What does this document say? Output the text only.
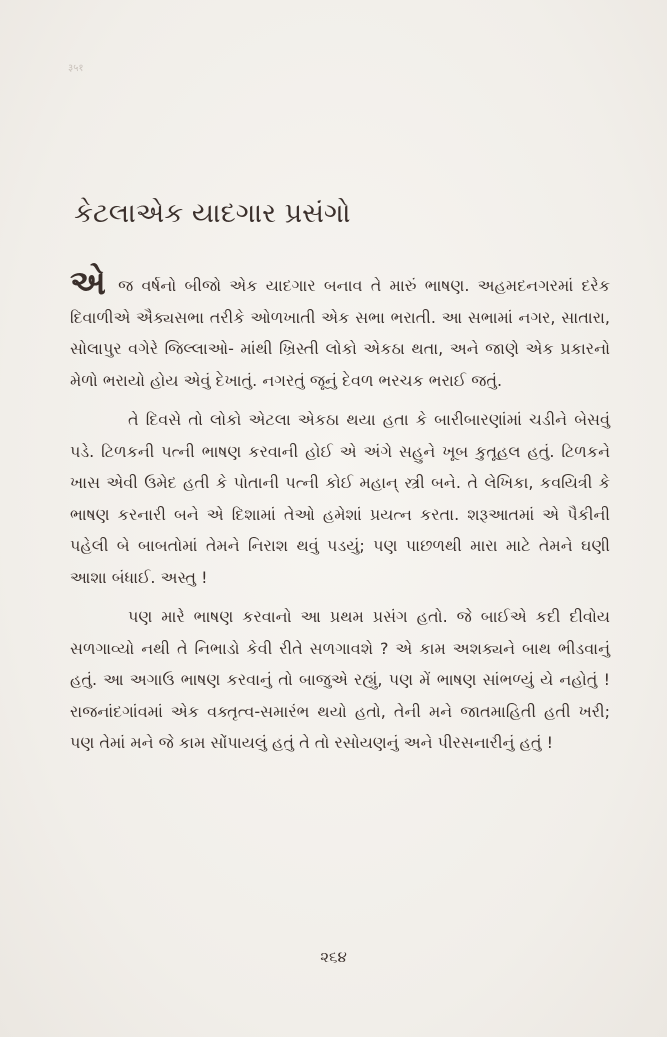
३५१
કેટલાએક યાદગાર પ્રસંગો

એ જ વર્ષનો બીજો એક યાદગાર બનાવ તે મારું ભાષણ. અહમદનગરમાં દરેક દિવાળીએ ઐક્યસભા તરીકે ઓળખાતી એક સભા ભરાતી. આ સભામાં નગર, સાતારા, સોલાપુર વગેરે જિલ્લાઓ- માંથી ખ્રિસ્તી લોકો એકઠા થતા, અને જાણે એક પ્રકારનો મેળો ભરાયો હોય એવું દેખાતું. નગરતું જૂનું દેવળ ભરચક ભરાઈ જતું.

તે દિવસે તો લોકો એટલા એકઠા થયા હતા કે બારીબારણાંમાં ચડીને બેસવું પડે. ટિળકની પત્ની ભાષણ કરવાની હોઈ એ અંગે સહુને ખૂબ કુતૂહલ હતું. ટિળકને ખાસ એવી ઉમેદ હતી કે પોતાની પત્ની કોઈ મહાન્ સ્ત્રી બને. તે લેખિકા, કવયિત્રી કે ભાષણ કરનારી બને એ દિશામાં તેઓ હમેશાં પ્રયત્ન કરતા. શરૂઆતમાં એ પૈકીની પહેલી બે બાબતોમાં તેમને નિરાશ થવું પડયું; પણ પાછળથી મારા માટે તેમને ઘણી આશા બંધાઈ. અસ્તુ !

પણ મારે ભાષણ કરવાનો આ પ્રથમ પ્રસંગ હતો. જે બાઈએ કદી દીવોય સળગાવ્યો નથી તે નિભાડો કેવી રીતે સળગાવશે ? એ કામ અશક્યને બાથ ભીડવાનું હતું. આ અગાઉ ભાષણ કરવાનું તો બાજુએ રહ્યું, પણ મેં ભાષણ સાંભળ્યું યે નહોતું ! રાજનાંદગાંવમાં એક વક્તૃત્વ-સમારંભ થયો હતો, તેની મને જાતમાહિતી હતી ખરી; પણ તેમાં મને જે કામ સોંપાયલું હતું તે તો રસોયણનું અને પીરસનારીનું હતું !

૨૬૪
